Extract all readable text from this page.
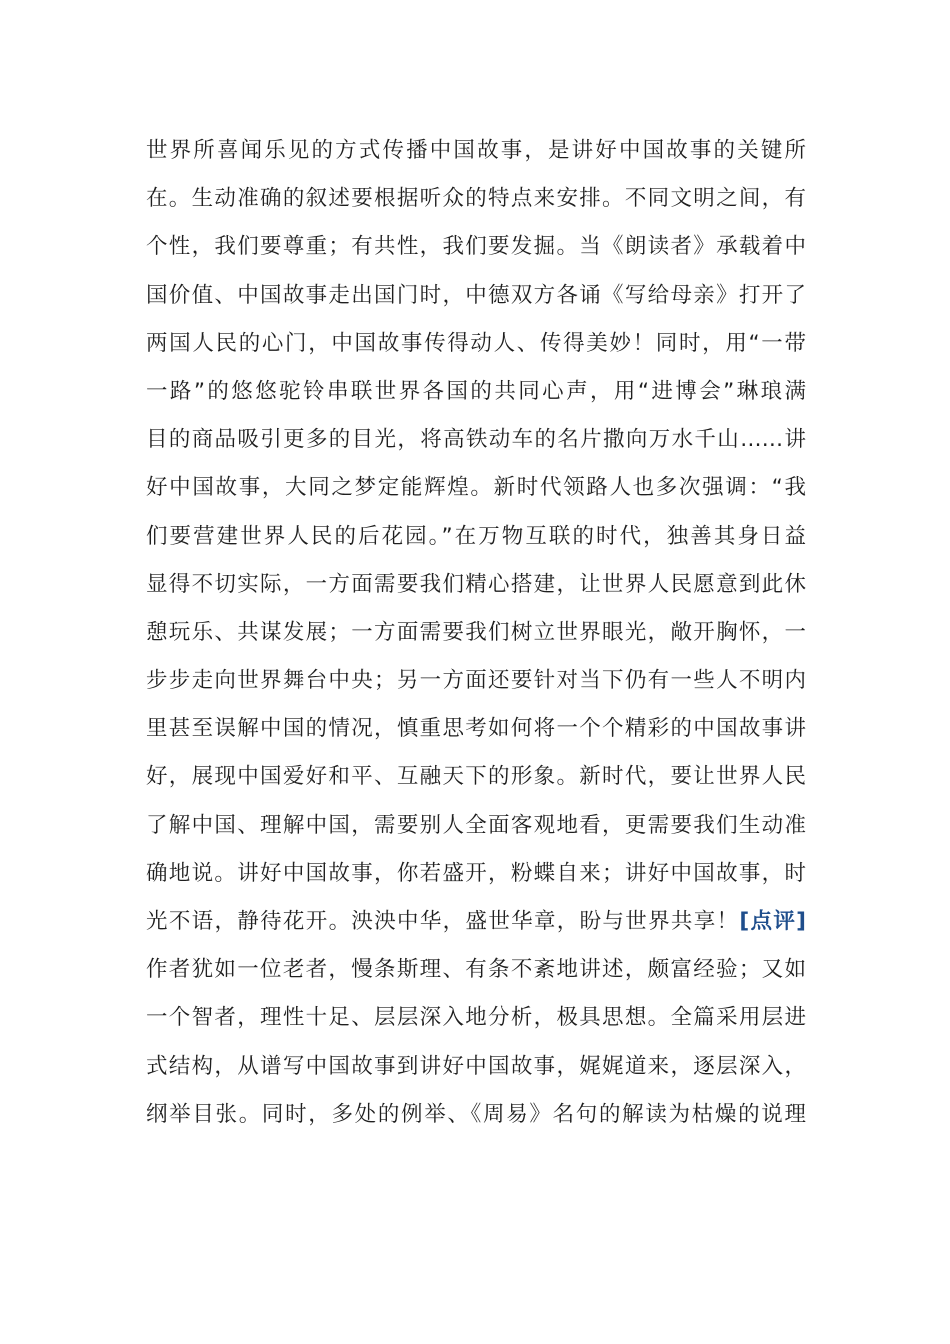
世界所喜闻乐见的方式传播中国故事，是讲好中国故事的关键所
在。生动准确的叙述要根据听众的特点来安排。不同文明之间，有
个性，我们要尊重；有共性，我们要发掘。当《朗读者》承载着中
国价值、中国故事走出国门时，中德双方各诵《写给母亲》打开了
两国人民的心门，中国故事传得动人、传得美妙！同时，用“一带
一路”的悠悠驼铃串联世界各国的共同心声，用“进博会”琳琅满
目的商品吸引更多的目光，将高铁动车的名片撒向万水千山……讲
好中国故事，大同之梦定能辉煌。新时代领路人也多次强调：“我
们要营建世界人民的后花园。”在万物互联的时代，独善其身日益
显得不切实际，一方面需要我们精心搭建，让世界人民愿意到此休
憩玩乐、共谋发展；一方面需要我们树立世界眼光，敞开胸怀，一
步步走向世界舞台中央；另一方面还要针对当下仍有一些人不明内
里甚至误解中国的情况，慎重思考如何将一个个精彩的中国故事讲
好，展现中国爱好和平、互融天下的形象。新时代，要让世界人民
了解中国、理解中国，需要别人全面客观地看，更需要我们生动准
确地说。讲好中国故事，你若盛开，粉蝶自来；讲好中国故事，时
光不语，静待花开。泱泱中华，盛世华章，盼与世界共享！[点评]
作者犹如一位老者，慢条斯理、有条不紊地讲述，颇富经验；又如
一个智者，理性十足、层层深入地分析，极具思想。全篇采用层进
式结构，从谱写中国故事到讲好中国故事，娓娓道来，逐层深入，
纲举目张。同时，多处的例举、《周易》名句的解读为枯燥的说理
